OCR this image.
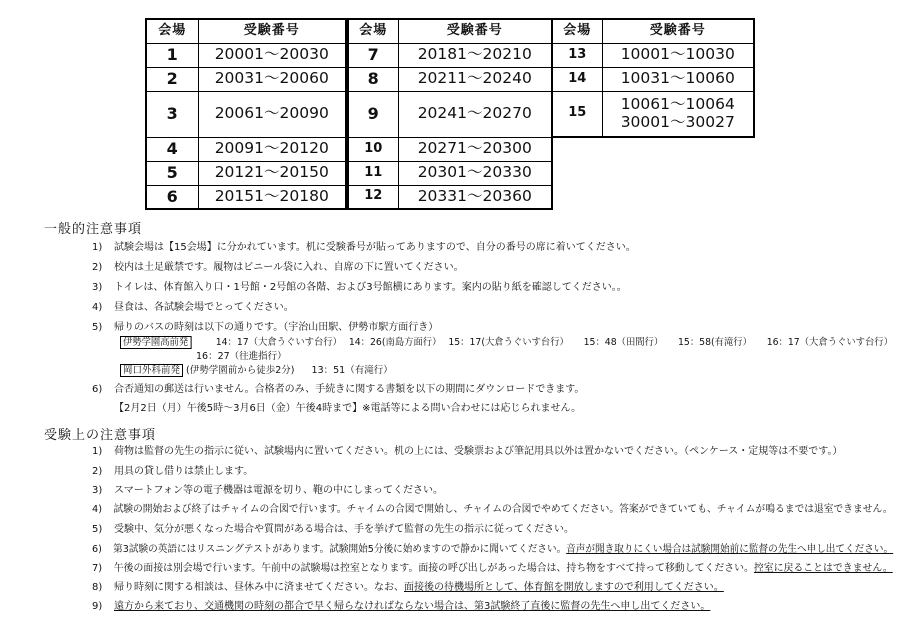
会場	受験番号
1	20001～20030
2	20031～20060
3	20061～20090
4	20091～20120
5	20121～20150
6	20151～20180
会場	受験番号
7	20181～20210
8	20211～20240
9	20241～20270
10	20271～20300
11	20301～20330
12	20331～20360
会場	受験番号
13	10001～10030
14	10031～10060
15	10061～10064
30001～30027
一般的注意事項
1) 試験会場は【15会場】に分かれています。机に受験番号が貼ってありますので、自分の番号の席に着いてください。
2) 校内は土足厳禁です。履物はビニール袋に入れ、自席の下に置いてください。
3) トイレは、体育館入り口・1号館・2号館の各階、および3号館横にあります。案内の貼り紙を確認してください。。
4) 昼食は、各試験会場でとってください。
5) 帰りのバスの時刻は以下の通りです。（宇治山田駅、伊勢市駅方面行き）
伊勢学園高前発	14：17（大倉うぐいす台行） 14：26(南島方面行） 15：17(大倉うぐいす台行） 15：48（田間行） 15：58(有滝行） 16：17（大倉うぐいす台行）
16：27（往進指行）
岡口外科前発 (伊勢学園前から徒歩2分) 13：51（有滝行）
6) 合否通知の郵送は行いません。合格者のみ、手続きに関する書類を以下の期間にダウンロードできます。
【2月2日（月）午後5時～3月6日（金）午後4時まで】※電話等による問い合わせには応じられません。
受験上の注意事項
1) 荷物は監督の先生の指示に従い、試験場内に置いてください。机の上には、受験票および筆記用具以外は置かないでください。（ペンケース・定規等は不要です。）
2) 用具の貸し借りは禁止します。
3) スマートフォン等の電子機器は電源を切り、鞄の中にしまってください。
4) 試験の開始および終了はチャイムの合図で行います。チャイムの合図で開始し、チャイムの合図でやめてください。答案ができていても、チャイムが鳴るまでは退室できません。
5) 受験中、気分が悪くなった場合や質問がある場合は、手を挙げて監督の先生の指示に従ってください。
6) 第3試験の英語にはリスニングテストがあります。試験開始5分後に始めますので静かに聞いてください。音声が聞き取りにくい場合は試験開始前に監督の先生へ申し出てください。
7) 午後の面接は別会場で行います。午前中の試験場は控室となります。面接の呼び出しがあった場合は、持ち物をすべて持って移動してください。控室に戻ることはできません。
8) 帰り時刻に関する相談は、昼休み中に済ませてください。なお、面接後の待機場所として、体育館を開放しますので利用してください。
9) 遠方から来ており、交通機関の時刻の都合で早く帰らなければならない場合は、第3試験終了直後に監督の先生へ申し出てください。
